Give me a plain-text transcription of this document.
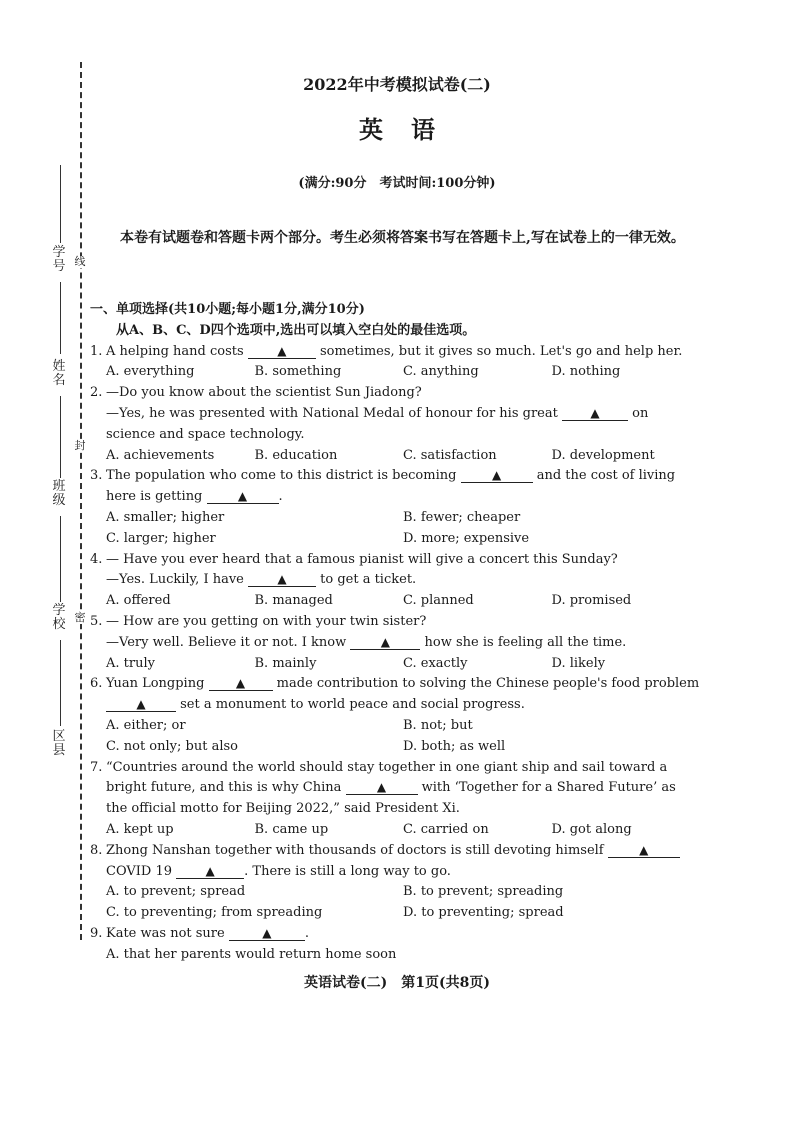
学号
姓名
班级
学校
区县
线
封
密
2022年中考模拟试卷(二)
英语

(满分:90分　考试时间:100分钟)

本卷有试题卷和答题卡两个部分。考生必须将答案书写在答题卡上,写在试卷上的一律无效。

一、单项选择(共10小题;每小题1分,满分10分)

从A、B、C、D四个选项中,选出可以填入空白处的最佳选项。

1. A helping hand costs ▲ sometimes, but it gives so much. Let's go and help her.
A. everything	B. something	C. anything	D. nothing
2. —Do you know about the scientist Sun Jiadong?
—Yes, he was presented with National Medal of honour for his great ▲ on science and space technology.
A. achievements	B. education	C. satisfaction	D. development
3. The population who come to this district is becoming	▲ and the cost of living here is getting	▲ .
A. smaller; higher	B. fewer; cheaper
C. larger; higher	D. more; expensive
4. — Have you ever heard that a famous pianist will give a concert this Sunday?
—Yes. Luckily, I have ▲ to get a ticket.
A. offered	B. managed	C. planned	D. promised
5. — How are you getting on with your twin sister?
—Very well. Believe it or not. I know	▲ how she is feeling all the time.
A. truly	B. mainly	C. exactly	D. likely
6. Yuan Longping ▲ made contribution to solving the Chinese people's food problem ▲ set a monument to world peace and social progress.
A. either; or	B. not; but
C. not only; but also	D. both; as well
7. “Countries around the world should stay together in one giant ship and sail toward a bright future, and this is why China	▲ with ‘Together for a Shared Future’ as the official motto for Beijing 2022,” said President Xi.
A. kept up	B. came up	C. carried on	D. got along
8. Zhong Nanshan together with thousands of doctors is still devoting himself	▲ COVID 19 ▲ . There is still a long way to go.
A. to prevent; spread	B. to prevent; spreading
C. to preventing; from spreading	D. to preventing; spread
9. Kate was not sure	▲	.
A. that her parents would return home soon

英语试卷(二)　第1页(共8页)
